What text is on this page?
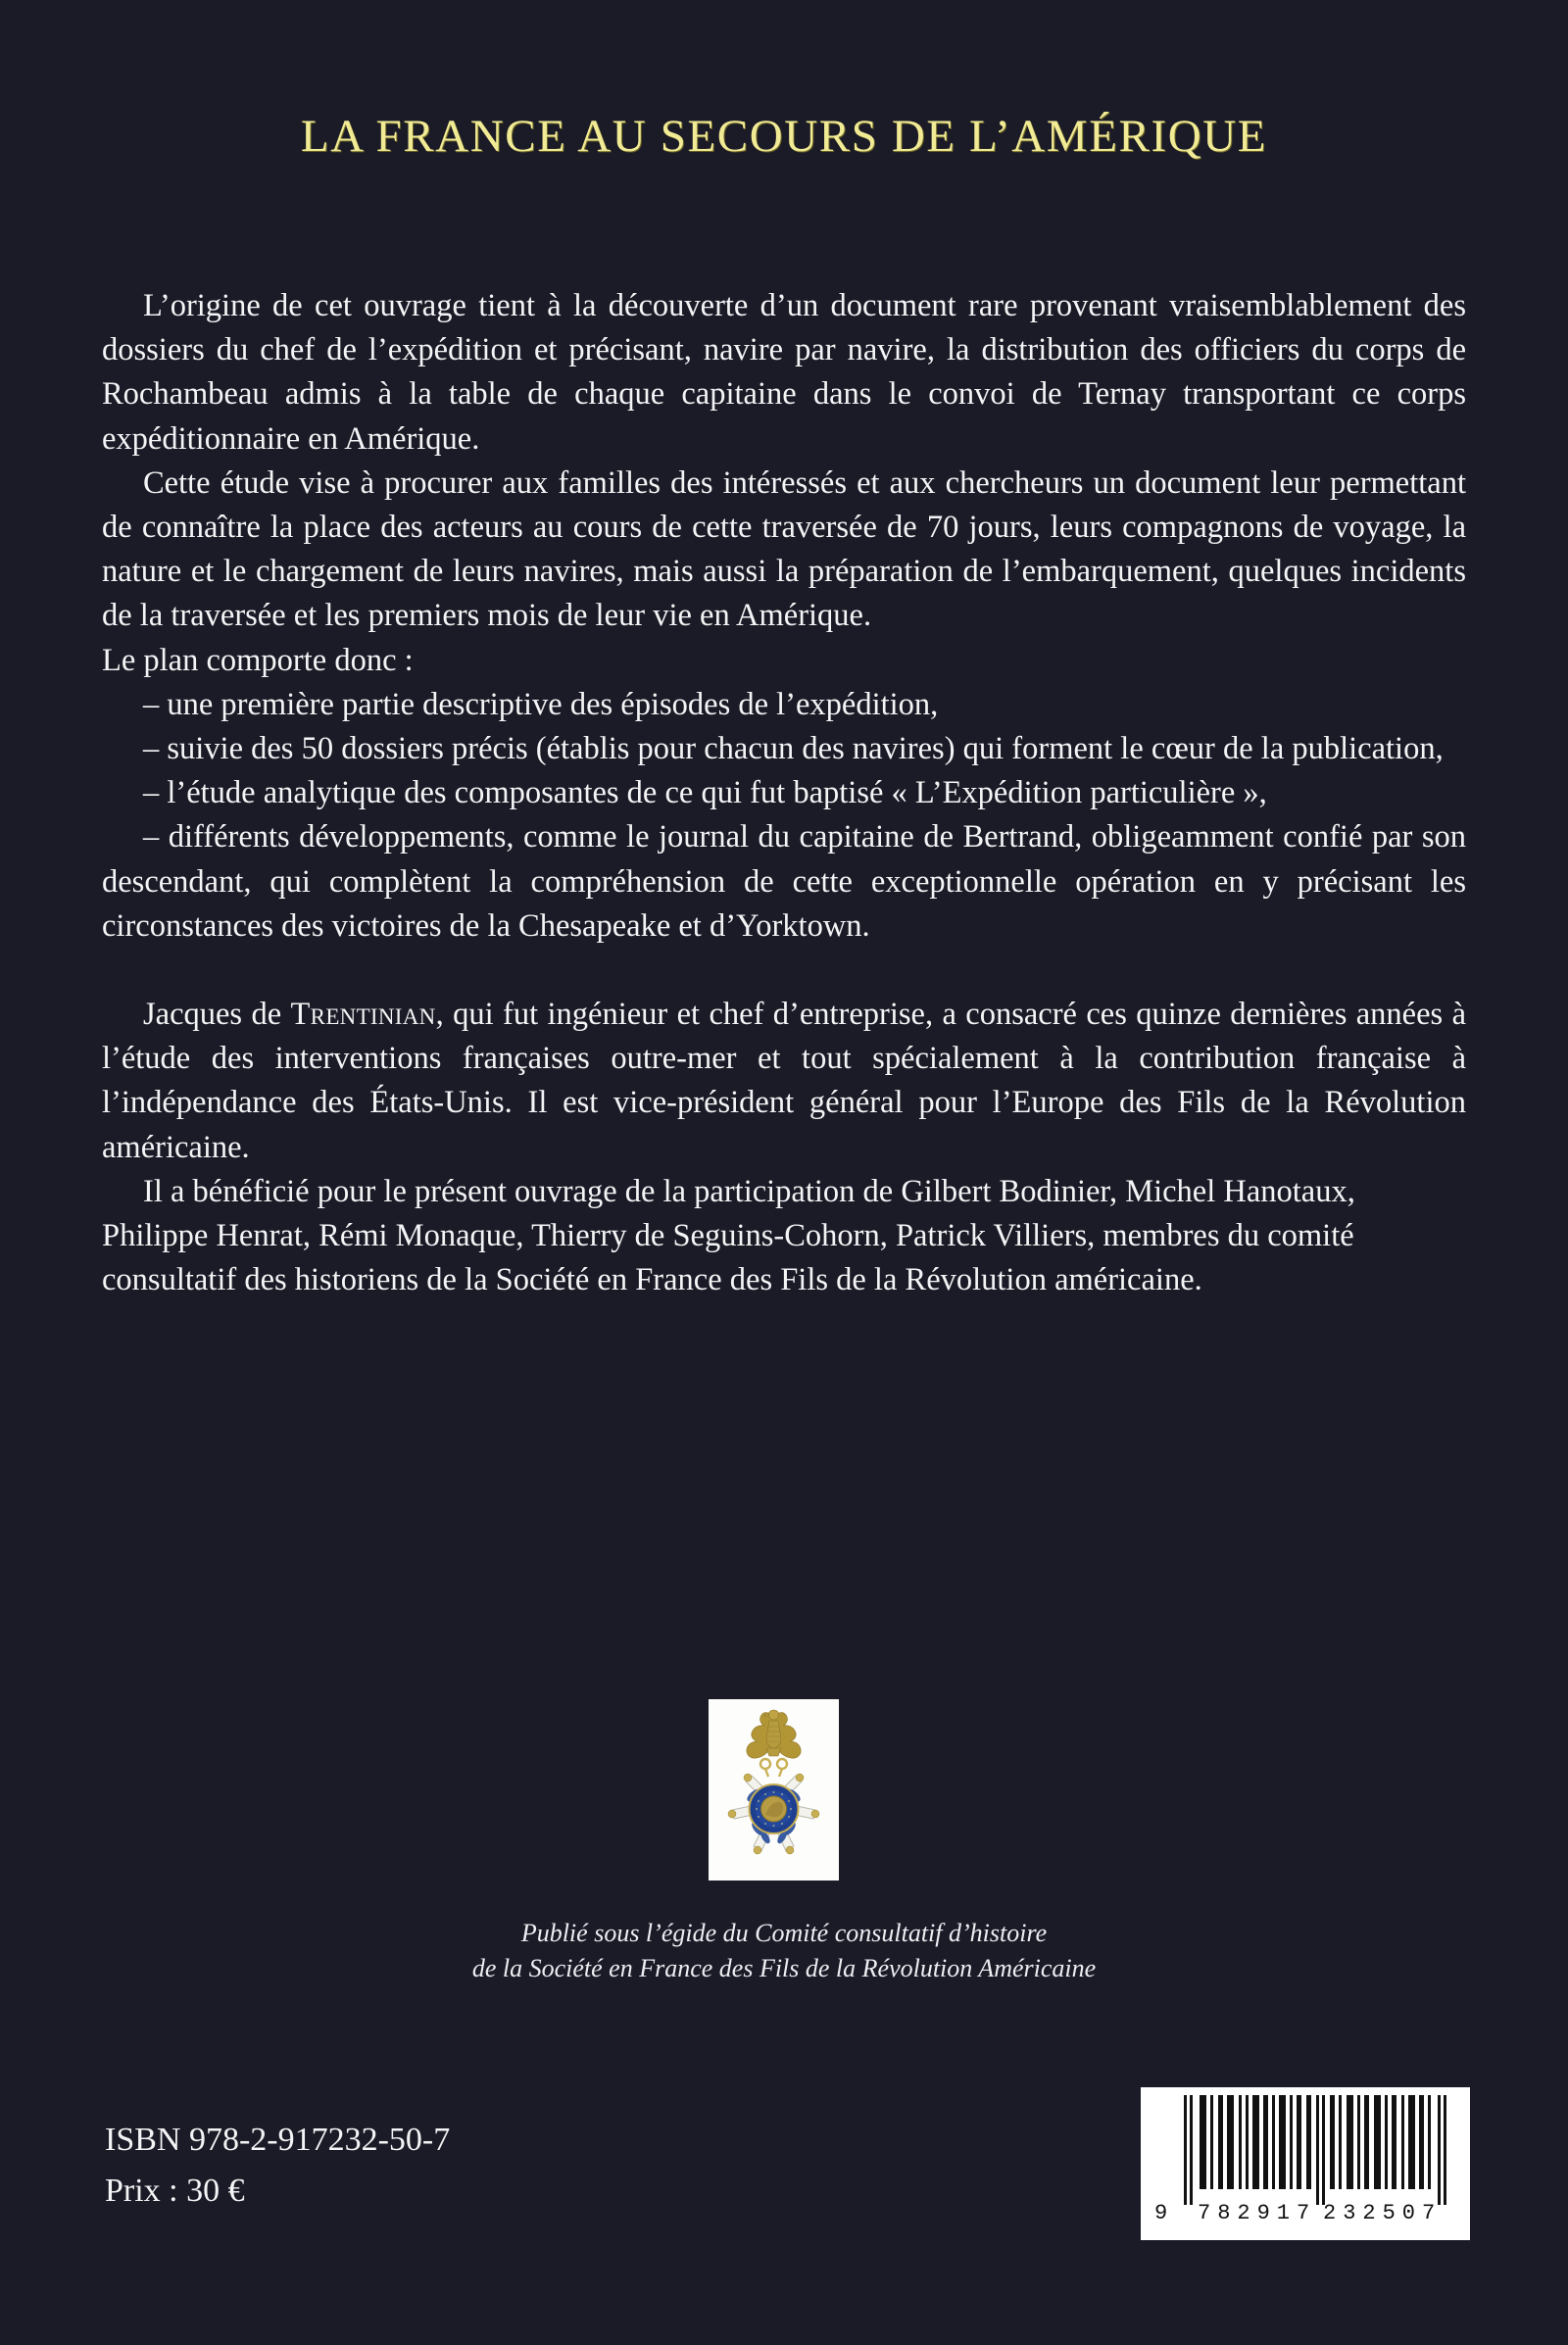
LA FRANCE AU SECOURS DE L’AMÉRIQUE

L’origine de cet ouvrage tient à la découverte d’un document rare provenant vraisemblablement des dossiers du chef de l’expédition et précisant, navire par navire, la distribution des officiers du corps de Rochambeau admis à la table de chaque capitaine dans le convoi de Ternay transportant ce corps expéditionnaire en Amérique.

Cette étude vise à procurer aux familles des intéressés et aux chercheurs un document leur permettant de connaître la place des acteurs au cours de cette traversée de 70 jours, leurs compagnons de voyage, la nature et le chargement de leurs navires, mais aussi la préparation de l’embarquement, quelques incidents de la traversée et les premiers mois de leur vie en Amérique.

Le plan comporte donc :

– une première partie descriptive des épisodes de l’expédition,

– suivie des 50 dossiers précis (établis pour chacun des navires) qui forment le cœur de la publication,

– l’étude analytique des composantes de ce qui fut baptisé « L’Expédition particulière »,

– différents développements, comme le journal du capitaine de Bertrand, obligeamment confié par son descendant, qui complètent la compréhension de cette exceptionnelle opération en y précisant les circonstances des victoires de la Chesapeake et d’Yorktown.

Jacques de Trentinian, qui fut ingénieur et chef d’entreprise, a consacré ces quinze dernières années à l’étude des interventions françaises outre-mer et tout spécialement à la contribution française à l’indépendance des États-Unis. Il est vice-président général pour l’Europe des Fils de la Révolution américaine.

Il a bénéficié pour le présent ouvrage de la participation de Gilbert Bodinier, Michel Hanotaux, Philippe Henrat, Rémi Monaque, Thierry de Seguins-Cohorn, Patrick Villiers, membres du comité consultatif des historiens de la Société en France des Fils de la Révolution américaine.

Publié sous l’égide du Comité consultatif d’histoire
de la Société en France des Fils de la Révolution Américaine
ISBN 978-2-917232-50-7
Prix : 30 €
9 782917 232507
